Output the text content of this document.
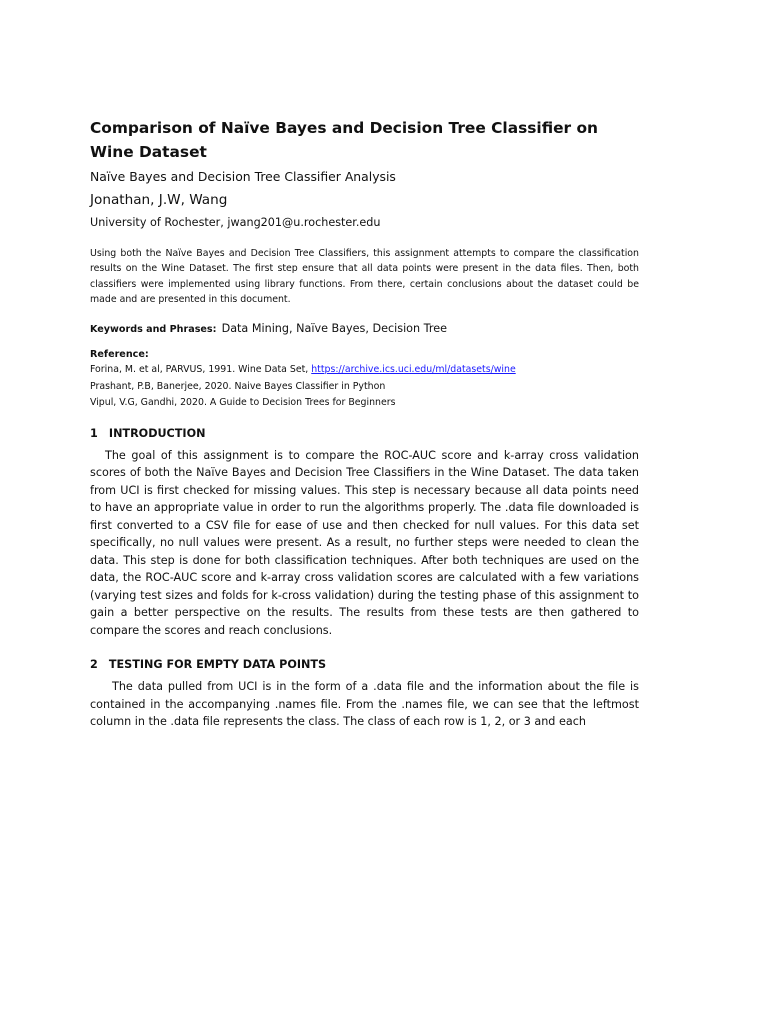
Comparison of Naïve Bayes and Decision Tree Classifier on Wine Dataset

Naïve Bayes and Decision Tree Classifier Analysis

Jonathan, J.W, Wang

University of Rochester, jwang201@u.rochester.edu

Using both the Naïve Bayes and Decision Tree Classifiers, this assignment attempts to compare the classification results on the Wine Dataset. The first step ensure that all data points were present in the data files. Then, both classifiers were implemented using library functions. From there, certain conclusions about the dataset could be made and are presented in this document.

Keywords and Phrases: Data Mining, Naïve Bayes, Decision Tree

Reference:

Forina, M. et al, PARVUS, 1991. Wine Data Set, https://archive.ics.uci.edu/ml/datasets/wine

Prashant, P.B, Banerjee, 2020. Naive Bayes Classifier in Python

Vipul, V.G, Gandhi, 2020. A Guide to Decision Trees for Beginners

1 INTRODUCTION

The goal of this assignment is to compare the ROC-AUC score and k-array cross validation scores of both the Naïve Bayes and Decision Tree Classifiers in the Wine Dataset. The data taken from UCI is first checked for missing values. This step is necessary because all data points need to have an appropriate value in order to run the algorithms properly. The .data file downloaded is first converted to a CSV file for ease of use and then checked for null values. For this data set specifically, no null values were present. As a result, no further steps were needed to clean the data. This step is done for both classification techniques. After both techniques are used on the data, the ROC-AUC score and k-array cross validation scores are calculated with a few variations (varying test sizes and folds for k-cross validation) during the testing phase of this assignment to gain a better perspective on the results. The results from these tests are then gathered to compare the scores and reach conclusions.

2 TESTING FOR EMPTY DATA POINTS

The data pulled from UCI is in the form of a .data file and the information about the file is contained in the accompanying .names file. From the .names file, we can see that the leftmost column in the .data file represents the class. The class of each row is 1, 2, or 3 and each
